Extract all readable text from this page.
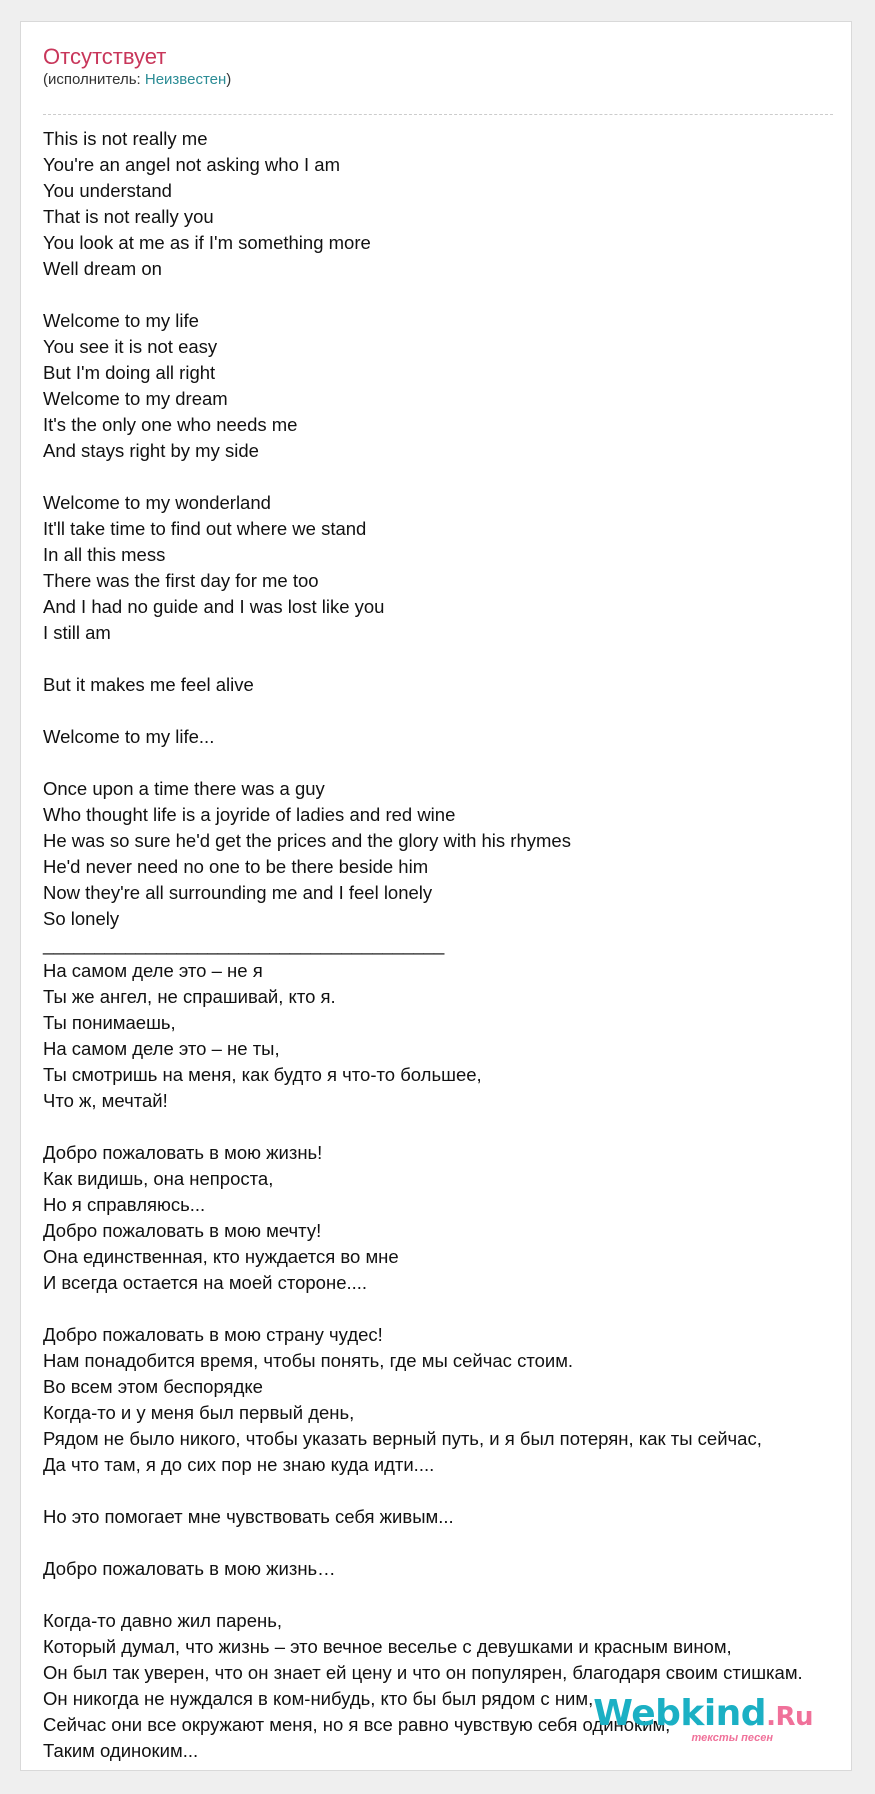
Отсутствует
(исполнитель: Неизвестен)
This is not really me
You're an angel not asking who I am
You understand
That is not really you
You look at me as if I'm something more
Well dream on
Welcome to my life
You see it is not easy
But I'm doing all right
Welcome to my dream
It's the only one who needs me
And stays right by my side
Welcome to my wonderland
It'll take time to find out where we stand
In all this mess
There was the first day for me too
And I had no guide and I was lost like you
I still am
But it makes me feel alive
Welcome to my life...
Once upon a time there was a guy
Who thought life is a joyride of ladies and red wine
He was so sure he'd get the prices and the glory with his rhymes
He'd never need no one to be there beside him
Now they're all surrounding me and I feel lonely
So lonely
_______________________________________
На самом деле это – не я
Ты же ангел, не спрашивай, кто я.
Ты понимаешь,
На самом деле это – не ты,
Ты смотришь на меня, как будто я что-то большее,
Что ж, мечтай!
Добро пожаловать в мою жизнь!
Как видишь, она непроста,
Но я справляюсь...
Добро пожаловать в мою мечту!
Она единственная, кто нуждается во мне
И всегда остается на моей стороне....
Добро пожаловать в мою страну чудес!
Нам понадобится время, чтобы понять, где мы сейчас стоим.
Во всем этом беспорядке
Когда-то и у меня был первый день,
Рядом не было никого, чтобы указать верный путь, и я был потерян, как ты сейчас,
Да что там, я до сих пор не знаю куда идти....
Но это помогает мне чувствовать себя живым...
Добро пожаловать в мою жизнь…
Когда-то давно жил парень,
Который думал, что жизнь – это вечное веселье с девушками и красным вином,
Он был так уверен, что он знает ей цену и что он популярен, благодаря своим стишкам.
Он никогда не нуждался в ком-нибудь, кто бы был рядом с ним,
Сейчас они все окружают меня, но я все равно чувствую себя одиноким,
Таким одиноким...
Webkind.Ru
тексты песен
